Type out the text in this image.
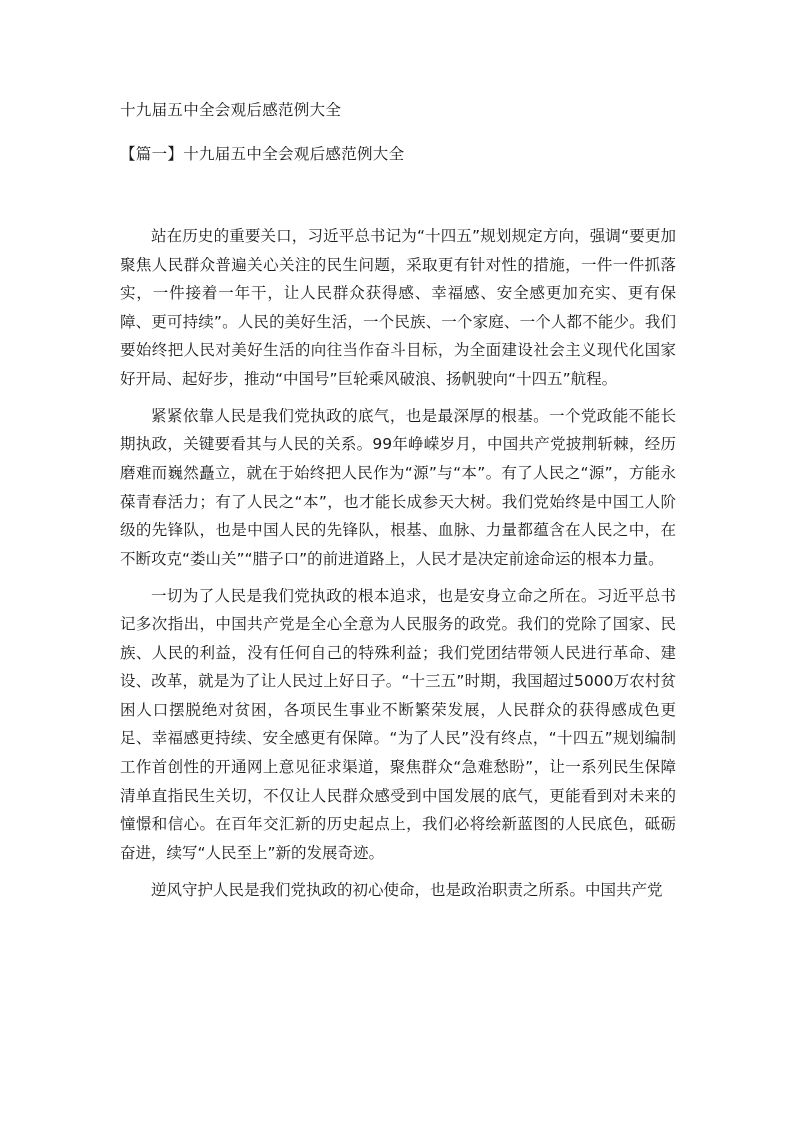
十九届五中全会观后感范例大全
【篇一】十九届五中全会观后感范例大全

站在历史的重要关口，习近平总书记为“十四五”规划规定方向，强调“要更加聚焦人民群众普遍关心关注的民生问题，采取更有针对性的措施，一件一件抓落实，一件接着一年干，让人民群众获得感、幸福感、安全感更加充实、更有保障、更可持续”。人民的美好生活，一个民族、一个家庭、一个人都不能少。我们要始终把人民对美好生活的向往当作奋斗目标，为全面建设社会主义现代化国家好开局、起好步，推动“中国号”巨轮乘风破浪、扬帆驶向“十四五”航程。

紧紧依靠人民是我们党执政的底气，也是最深厚的根基。一个党政能不能长期执政，关键要看其与人民的关系。99年峥嵘岁月，中国共产党披荆斩棘，经历磨难而巍然矗立，就在于始终把人民作为“源”与“本”。有了人民之“源”，方能永葆青春活力；有了人民之“本”，也才能长成参天大树。我们党始终是中国工人阶级的先锋队，也是中国人民的先锋队，根基、血脉、力量都蕴含在人民之中，在不断攻克“娄山关”“腊子口”的前进道路上，人民才是决定前途命运的根本力量。

一切为了人民是我们党执政的根本追求，也是安身立命之所在。习近平总书记多次指出，中国共产党是全心全意为人民服务的政党。我们的党除了国家、民族、人民的利益，没有任何自己的特殊利益；我们党团结带领人民进行革命、建设、改革，就是为了让人民过上好日子。“十三五”时期，我国超过5000万农村贫困人口摆脱绝对贫困，各项民生事业不断繁荣发展，人民群众的获得感成色更足、幸福感更持续、安全感更有保障。“为了人民”没有终点，“十四五”规划编制工作首创性的开通网上意见征求渠道，聚焦群众“急难愁盼”，让一系列民生保障清单直指民生关切，不仅让人民群众感受到中国发展的底气，更能看到对未来的憧憬和信心。在百年交汇新的历史起点上，我们必将绘新蓝图的人民底色，砥砺奋进，续写“人民至上”新的发展奇迹。

逆风守护人民是我们党执政的初心使命，也是政治职责之所系。中国共产党
